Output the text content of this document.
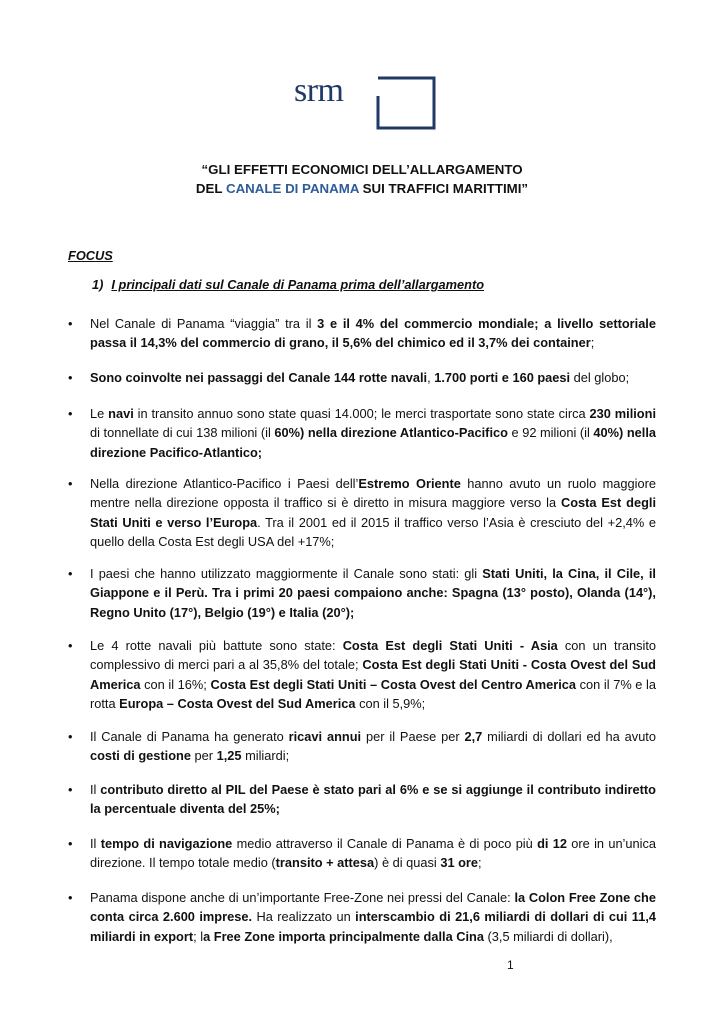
srm
“GLI EFFETTI ECONOMICI DELL’ALLARGAMENTO
DEL CANALE DI PANAMA SUI TRAFFICI MARITTIMI”
FOCUS
1) I principali dati sul Canale di Panama prima dell’allargamento
• Nel Canale di Panama “viaggia” tra il 3 e il 4% del commercio mondiale; a livello settoriale passa il 14,3% del commercio di grano, il 5,6% del chimico ed il 3,7% dei container;
• Sono coinvolte nei passaggi del Canale 144 rotte navali, 1.700 porti e 160 paesi del globo;
• Le navi in transito annuo sono state quasi 14.000; le merci trasportate sono state circa 230 milioni di tonnellate di cui 138 milioni (il 60%) nella direzione Atlantico-Pacifico e 92 milioni (il 40%) nella direzione Pacifico-Atlantico;
• Nella direzione Atlantico-Pacifico i Paesi dell’Estremo Oriente hanno avuto un ruolo maggiore mentre nella direzione opposta il traffico si è diretto in misura maggiore verso la Costa Est degli Stati Uniti e verso l’Europa. Tra il 2001 ed il 2015 il traffico verso l’Asia è cresciuto del +2,4% e quello della Costa Est degli USA del +17%;
• I paesi che hanno utilizzato maggiormente il Canale sono stati: gli Stati Uniti, la Cina, il Cile, il Giappone e il Perù. Tra i primi 20 paesi compaiono anche: Spagna (13° posto), Olanda (14°), Regno Unito (17°), Belgio (19°) e Italia (20°);
• Le 4 rotte navali più battute sono state: Costa Est degli Stati Uniti - Asia con un transito complessivo di merci pari a al 35,8% del totale; Costa Est degli Stati Uniti - Costa Ovest del Sud America con il 16%; Costa Est degli Stati Uniti – Costa Ovest del Centro America con il 7% e la rotta Europa – Costa Ovest del Sud America con il 5,9%;
• Il Canale di Panama ha generato ricavi annui per il Paese per 2,7 miliardi di dollari ed ha avuto costi di gestione per 1,25 miliardi;
• Il contributo diretto al PIL del Paese è stato pari al 6% e se si aggiunge il contributo indiretto la percentuale diventa del 25%;
• Il tempo di navigazione medio attraverso il Canale di Panama è di poco più di 12 ore in un’unica direzione. Il tempo totale medio (transito + attesa) è di quasi 31 ore;
• Panama dispone anche di un’importante Free-Zone nei pressi del Canale: la Colon Free Zone che conta circa 2.600 imprese. Ha realizzato un interscambio di 21,6 miliardi di dollari di cui 11,4 miliardi in export; la Free Zone importa principalmente dalla Cina (3,5 miliardi di dollari),
1
